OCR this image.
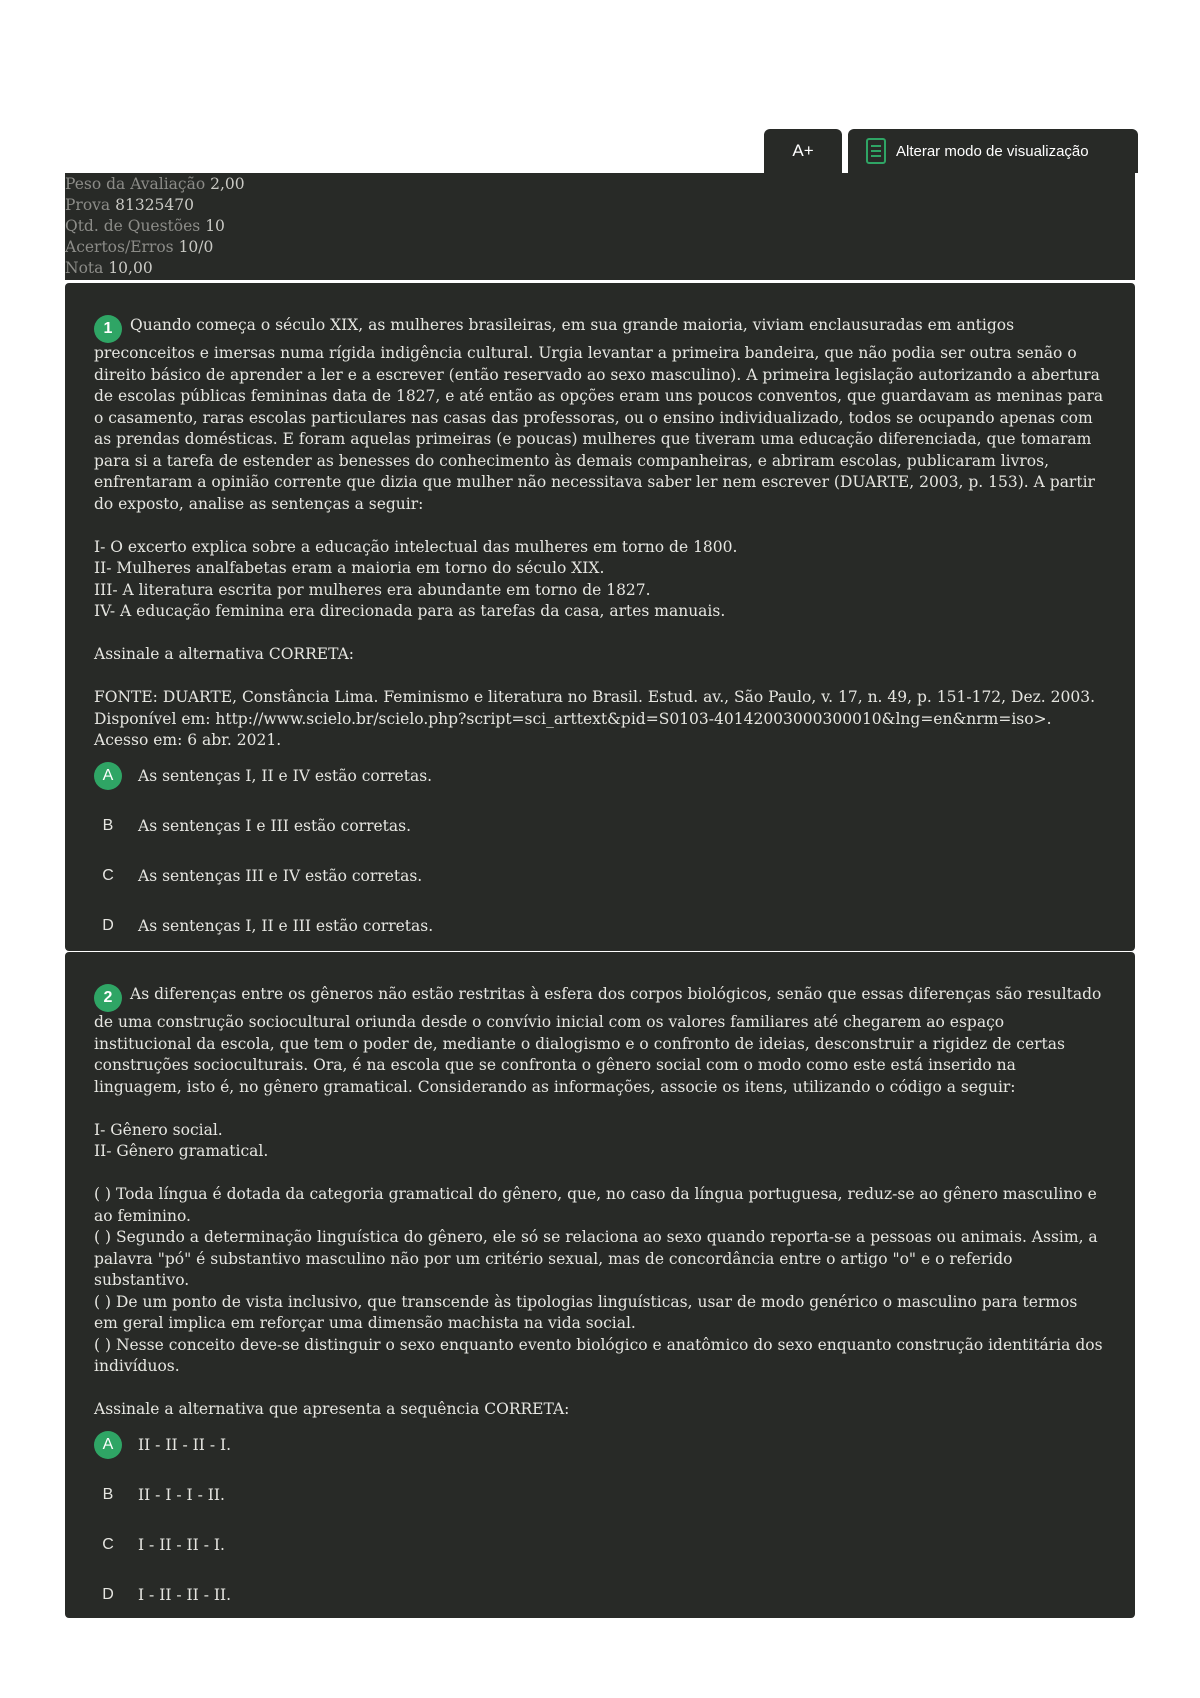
A+	Alterar modo de visualização
Peso da Avaliação 2,00
Prova 81325470
Qtd. de Questões 10
Acertos/Erros 10/0
Nota 10,00

1 Quando começa o século XIX, as mulheres brasileiras, em sua grande maioria, viviam enclausuradas em antigos preconceitos e imersas numa rígida indigência cultural. Urgia levantar a primeira bandeira, que não podia ser outra senão o direito básico de aprender a ler e a escrever (então reservado ao sexo masculino). A primeira legislação autorizando a abertura de escolas públicas femininas data de 1827, e até então as opções eram uns poucos conventos, que guardavam as meninas para o casamento, raras escolas particulares nas casas das professoras, ou o ensino individualizado, todos se ocupando apenas com as prendas domésticas. E foram aquelas primeiras (e poucas) mulheres que tiveram uma educação diferenciada, que tomaram para si a tarefa de estender as benesses do conhecimento às demais companheiras, e abriram escolas, publicaram livros, enfrentaram a opinião corrente que dizia que mulher não necessitava saber ler nem escrever (DUARTE, 2003, p. 153). A partir do exposto, analise as sentenças a seguir:

I- O excerto explica sobre a educação intelectual das mulheres em torno de 1800.
II- Mulheres analfabetas eram a maioria em torno do século XIX.
III- A literatura escrita por mulheres era abundante em torno de 1827.
IV- A educação feminina era direcionada para as tarefas da casa, artes manuais.
Assinale a alternativa CORRETA:
FONTE: DUARTE, Constância Lima. Feminismo e literatura no Brasil. Estud. av., São Paulo, v. 17, n. 49, p. 151-172, Dez. 2003. Disponível em: http://www.scielo.br/scielo.php?script=sci_arttext&pid=S0103-40142003000300010&lng=en&nrm=iso>. Acesso em: 6 abr. 2021.
A	As sentenças I, II e IV estão corretas.
B	As sentenças I e III estão corretas.
C	As sentenças III e IV estão corretas.
D	As sentenças I, II e III estão corretas.

2 As diferenças entre os gêneros não estão restritas à esfera dos corpos biológicos, senão que essas diferenças são resultado de uma construção sociocultural oriunda desde o convívio inicial com os valores familiares até chegarem ao espaço institucional da escola, que tem o poder de, mediante o dialogismo e o confronto de ideias, desconstruir a rigidez de certas construções socioculturais. Ora, é na escola que se confronta o gênero social com o modo como este está inserido na linguagem, isto é, no gênero gramatical. Considerando as informações, associe os itens, utilizando o código a seguir:

I- Gênero social.
II- Gênero gramatical.
( ) Toda língua é dotada da categoria gramatical do gênero, que, no caso da língua portuguesa, reduz-se ao gênero masculino e ao feminino.
( ) Segundo a determinação linguística do gênero, ele só se relaciona ao sexo quando reporta-se a pessoas ou animais. Assim, a palavra "pó" é substantivo masculino não por um critério sexual, mas de concordância entre o artigo "o" e o referido substantivo.
( ) De um ponto de vista inclusivo, que transcende às tipologias linguísticas, usar de modo genérico o masculino para termos em geral implica em reforçar uma dimensão machista na vida social.
( ) Nesse conceito deve-se distinguir o sexo enquanto evento biológico e anatômico do sexo enquanto construção identitária dos indivíduos.
Assinale a alternativa que apresenta a sequência CORRETA:
A	II - II - II - I.
B	II - I - I - II.
C	I - II - II - I.
D	I - II - II - II.
